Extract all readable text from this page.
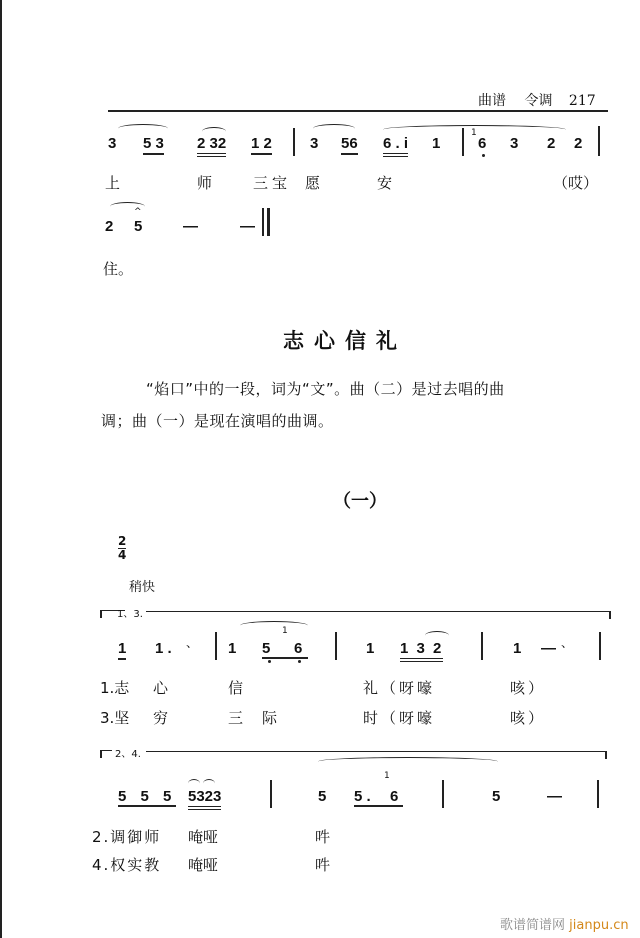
曲谱 令调 217
3 5 3 2 32 1 2	3 56 6 . i 1
1
6 3 2 2
上	师	三宝 愿	安	（哎）
^
2 5	—	—
住。
志心信礼
“焰口”中的一段，词为“文”。曲（二）是过去唱的曲
调；曲（一）是现在演唱的曲调。
（一）
2
4
稍快
1、3.
1 1 . 、 1 5
1
6	1 1 3 2	1 — 、
1.志 心	信	礼（呀嚎	咳）
3.坚 穷	三 际	时（呀嚎	咳）
2、4.
5 5 5 5323	5 5 .
1
6	5	—
2.调御师 唵哑	吽
4.权实教 唵哑	吽
歌谱简谱网 jianpu.cn
